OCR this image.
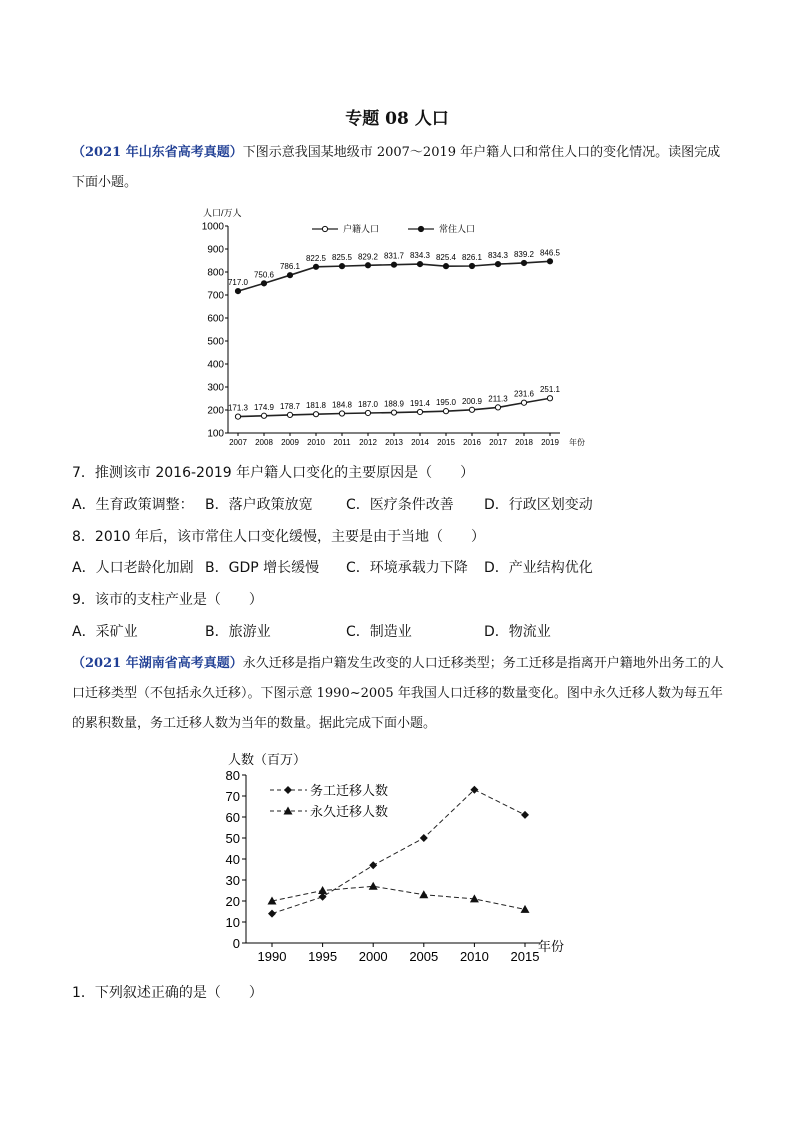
专题 08 人口
（2021 年山东省高考真题）下图示意我国某地级市 2007～2019 年户籍人口和常住人口的变化情况。读图完成下面小题。
100
200
300
400
500
600
700
800
900
1000
2007 2008 2009 2010 2011 2012 2013 2014 2015 2016 2017 2018 2019
人口/万人
年份
171.3 174.9 178.7 181.8 184.8 187.0 188.9 191.4 195.0 200.9 211.3
231.6 251.1
717.0
750.6
786.1
822.5 825.5 829.2 831.7 834.3 825.4 826.1 834.3 839.2 846.5
户籍人口	常住人口
7．推测该市 2016-2019 年户籍人口变化的主要原因是（　　）
A．生育政策调整： B．落户政策放宽 C．医疗条件改善 D．行政区划变动
8．2010 年后，该市常住人口变化缓慢，主要是由于当地（　　）
A．人口老龄化加剧 B．GDP 增长缓慢 C．环境承载力下降 D．产业结构优化
9．该市的支柱产业是（　　）
A．采矿业	B．旅游业	C．制造业	D．物流业
（2021 年湖南省高考真题）永久迁移是指户籍发生改变的人口迁移类型；务工迁移是指离开户籍地外出务工的人口迁移类型（不包括永久迁移）。下图示意 1990~2005 年我国人口迁移的数量变化。图中永久迁移人数为每五年的累积数量，务工迁移人数为当年的数量。据此完成下面小题。
0
10
20
30
40
50
60
70
80
1990 1995 2000 2005 2010 2015
人数（百万）
年份
务工迁移人数
永久迁移人数
1．下列叙述正确的是（　　）
